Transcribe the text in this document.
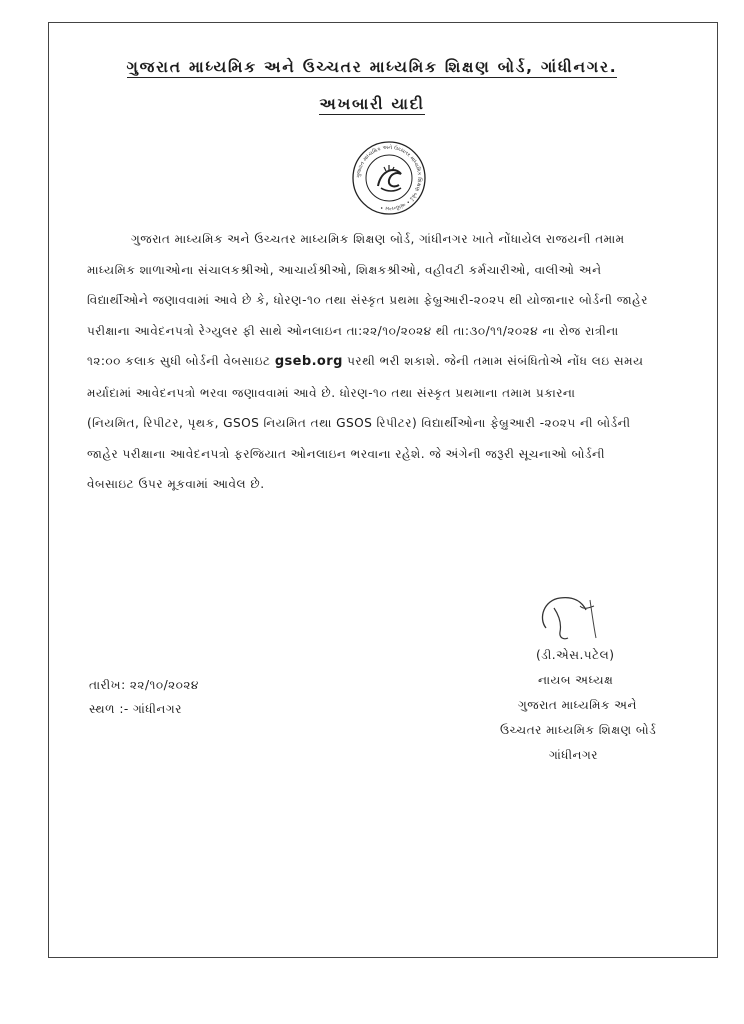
ગુજરાત માધ્યમિક અને ઉચ્ચતર માધ્યમિક શિક્ષણ બોર્ડ, ગાંધીનગર.
અખબારી યાદી
ગુજરાત માધ્યમિક અને ઉચ્ચતર માધ્યમિક શિક્ષણ બોર્ડ • ગાંધીનગર •
ગુજરાત માધ્યમિક અને ઉચ્ચતર માધ્યમિક શિક્ષણ બોર્ડ, ગાંધીનગર ખાતે નોંધાયેલ રાજયની તમામ
માધ્યમિક શાળાઓના સંચાલકશ્રીઓ, આચાર્યશ્રીઓ, શિક્ષકશ્રીઓ, વહીવટી કર્મચારીઓ, વાલીઓ અને
વિદ્યાર્થીઓને જણાવવામાં આવે છે કે, ધોરણ-૧૦ તથા સંસ્કૃત પ્રથમા ફેબ્રુઆરી-૨૦૨૫ થી યોજાનાર બોર્ડની જાહેર
પરીક્ષાના આવેદનપત્રો રેગ્યુલર ફી સાથે ઓનલાઇન તા:૨૨/૧૦/૨૦૨૪ થી તા:૩૦/૧૧/૨૦૨૪ ના રોજ રાત્રીના
૧૨:૦૦ કલાક સુધી બોર્ડની વેબસાઇટ gseb.org પરથી ભરી શકાશે. જેની તમામ સંબંધિતોએ નોંધ લઇ સમય
મર્યાદામાં આવેદનપત્રો ભરવા જણાવવામાં આવે છે. ધોરણ-૧૦ તથા સંસ્કૃત પ્રથમાના તમામ પ્રકારના
(નિયમિત, રિપીટર, પૃથક, GSOS નિયમિત તથા GSOS રિપીટર) વિદ્યાર્થીઓના ફેબ્રુઆરી -૨૦૨૫ ની બોર્ડની
જાહેર પરીક્ષાના આવેદનપત્રો ફરજિયાત ઓનલાઇન ભરવાના રહેશે. જે અંગેની જરૂરી સૂચનાઓ બોર્ડની
વેબસાઇટ ઉપર મૂકવામાં આવેલ છે.
(ડી.એસ.પટેલ)
નાયબ અધ્યક્ષ
ગુજરાત માધ્યમિક અને
ઉચ્ચતર માધ્યમિક શિક્ષણ બોર્ડ
ગાંધીનગર
તારીખ: ૨૨/૧૦/૨૦૨૪
સ્થળ :- ગાંધીનગર
